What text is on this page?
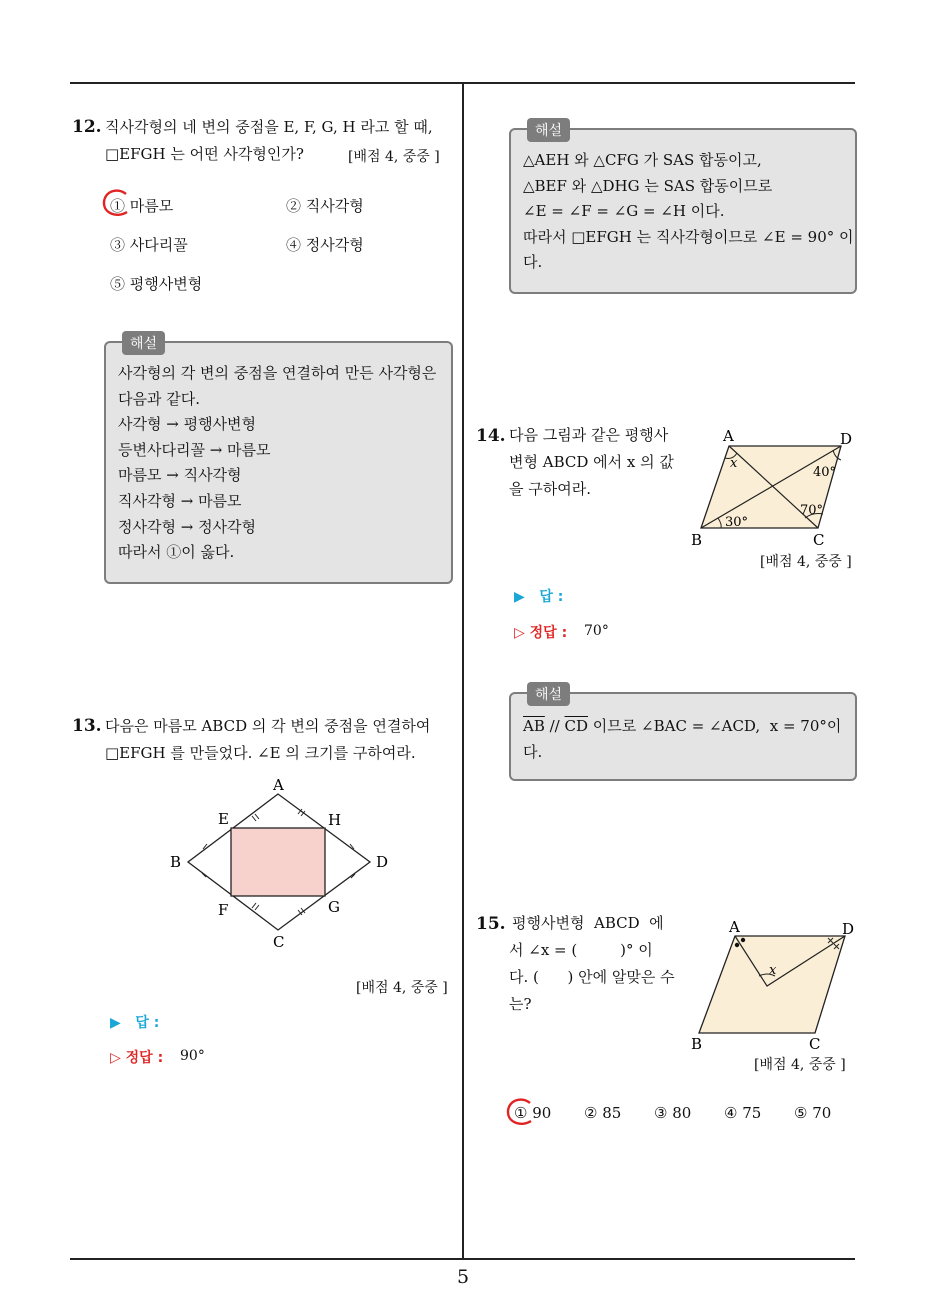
5
12. 직사각형의 네 변의 중점을 E, F, G, H 라고 할 때,
□EFGH 는 어떤 사각형인가?	[배점 4, 중중 ]
① 마름모	② 직사각형
③ 사다리꼴	④ 정사각형
⑤ 평행사변형
해설
사각형의 각 변의 중점을 연결하여 만든 사각형은
다음과 같다.
사각형 → 평행사변형
등변사다리꼴 → 마름모
마름모 → 직사각형
직사각형 → 마름모
정사각형 → 정사각형
따라서 ①이 옳다.
13. 다음은 마름모 ABCD 의 각 변의 중점을 연결하여
□EFGH 를 만들었다. ∠E 의 크기를 구하여라.
A
B
C
D
E
F	G
H
[배점 4, 중중 ]
▶   답 :
▷ 정답 : 90°
해설
△AEH 와 △CFG 가 SAS 합동이고,
△BEF 와 △DHG 는 SAS 합동이므로
∠E = ∠F = ∠G = ∠H 이다.
따라서 □EFGH 는 직사각형이므로 ∠E = 90° 이
다.
14. 다음 그림과 같은 평행사
변형 ABCD 에서 x 의 값
을 구하여라.
A	D
B	C
x
40°
70°
30°
[배점 4, 중중 ]
▶   답 :
▷ 정답 : 70°
해설
$\overline{AB} // \overline{CD}$ 이므로 ∠BAC = ∠ACD,  x = 70°이
다.
15. 평행사변형  ABCD  에
서 ∠x = (         )° 이
다. (      ) 안에 알맞은 수
는?
A	D
B	C
x
[배점 4, 중중 ]
① 90 ② 85 ③ 80 ④ 75 ⑤ 70
